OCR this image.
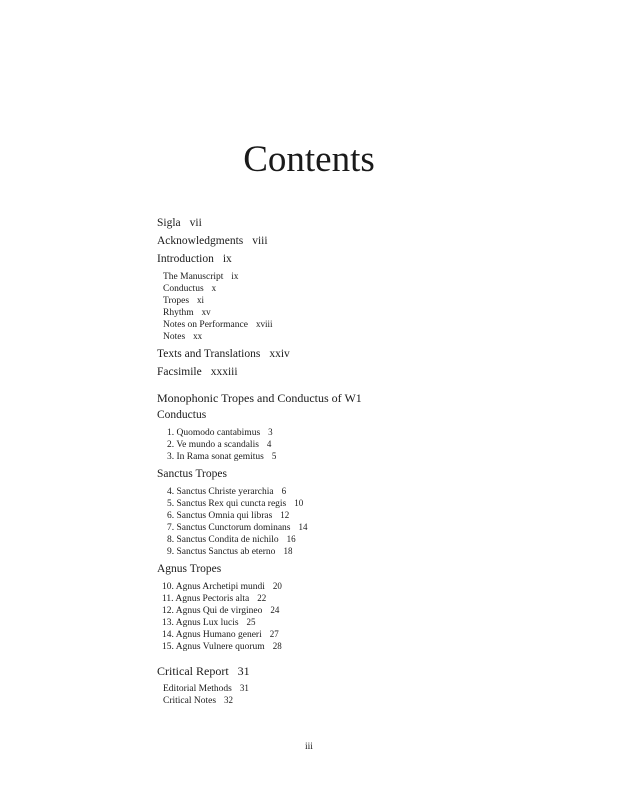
Contents
Sigla vii
Acknowledgments viii
Introduction ix
The Manuscript ix
Conductus x
Tropes xi
Rhythm xv
Notes on Performance xviii
Notes xx
Texts and Translations xxiv
Facsimile xxxiii
Monophonic Tropes and Conductus of W1
Conductus
1. Quomodo cantabimus 3
2. Ve mundo a scandalis 4
3. In Rama sonat gemitus 5
Sanctus Tropes
4. Sanctus Christe yerarchia 6
5. Sanctus Rex qui cuncta regis 10
6. Sanctus Omnia qui libras 12
7. Sanctus Cunctorum dominans 14
8. Sanctus Condita de nichilo 16
9. Sanctus Sanctus ab eterno 18
Agnus Tropes
10. Agnus Archetipi mundi 20
11. Agnus Pectoris alta 22
12. Agnus Qui de virgineo 24
13. Agnus Lux lucis 25
14. Agnus Humano generi 27
15. Agnus Vulnere quorum 28
Critical Report 31
Editorial Methods 31
Critical Notes 32
iii
